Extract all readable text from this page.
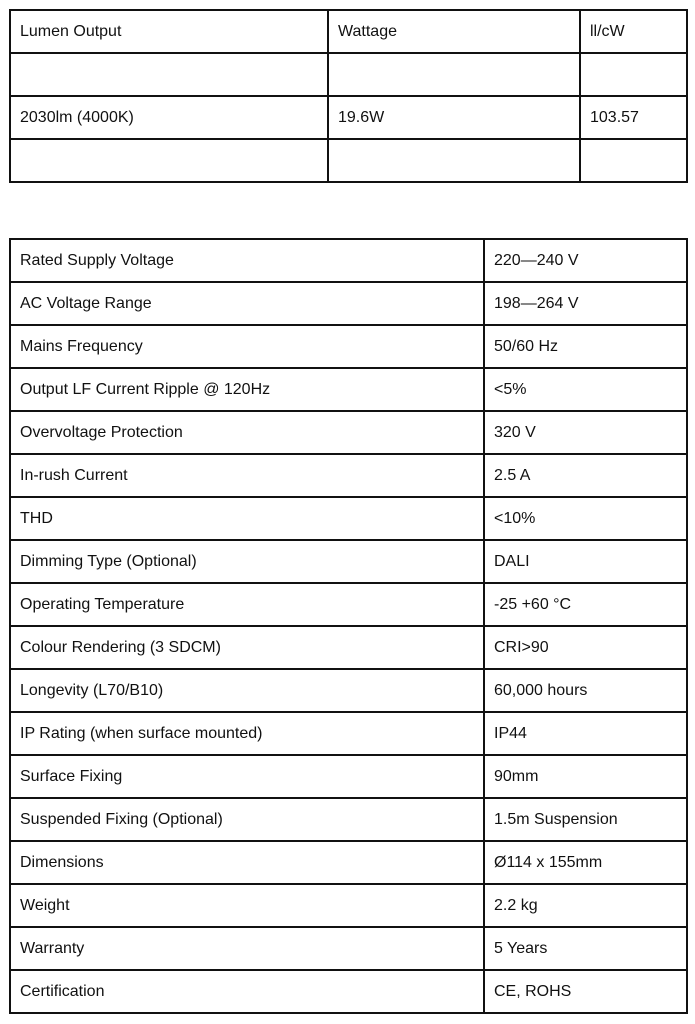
Lumen Output	Wattage	ll/cW

2030lm (4000K)	19.6W	103.57

Rated Supply Voltage	220—240 V
AC Voltage Range	198—264 V
Mains Frequency	50/60 Hz
Output LF Current Ripple @ 120Hz	<5%
Overvoltage Protection	320 V
In-rush Current	2.5 A
THD	<10%
Dimming Type (Optional)	DALI
Operating Temperature	-25 +60 °C
Colour Rendering (3 SDCM)	CRI>90
Longevity (L70/B10)	60,000 hours
IP Rating (when surface mounted)	IP44
Surface Fixing	90mm
Suspended Fixing (Optional)	1.5m Suspension
Dimensions	Ø114 x 155mm
Weight	2.2 kg
Warranty	5 Years
Certification	CE, ROHS
